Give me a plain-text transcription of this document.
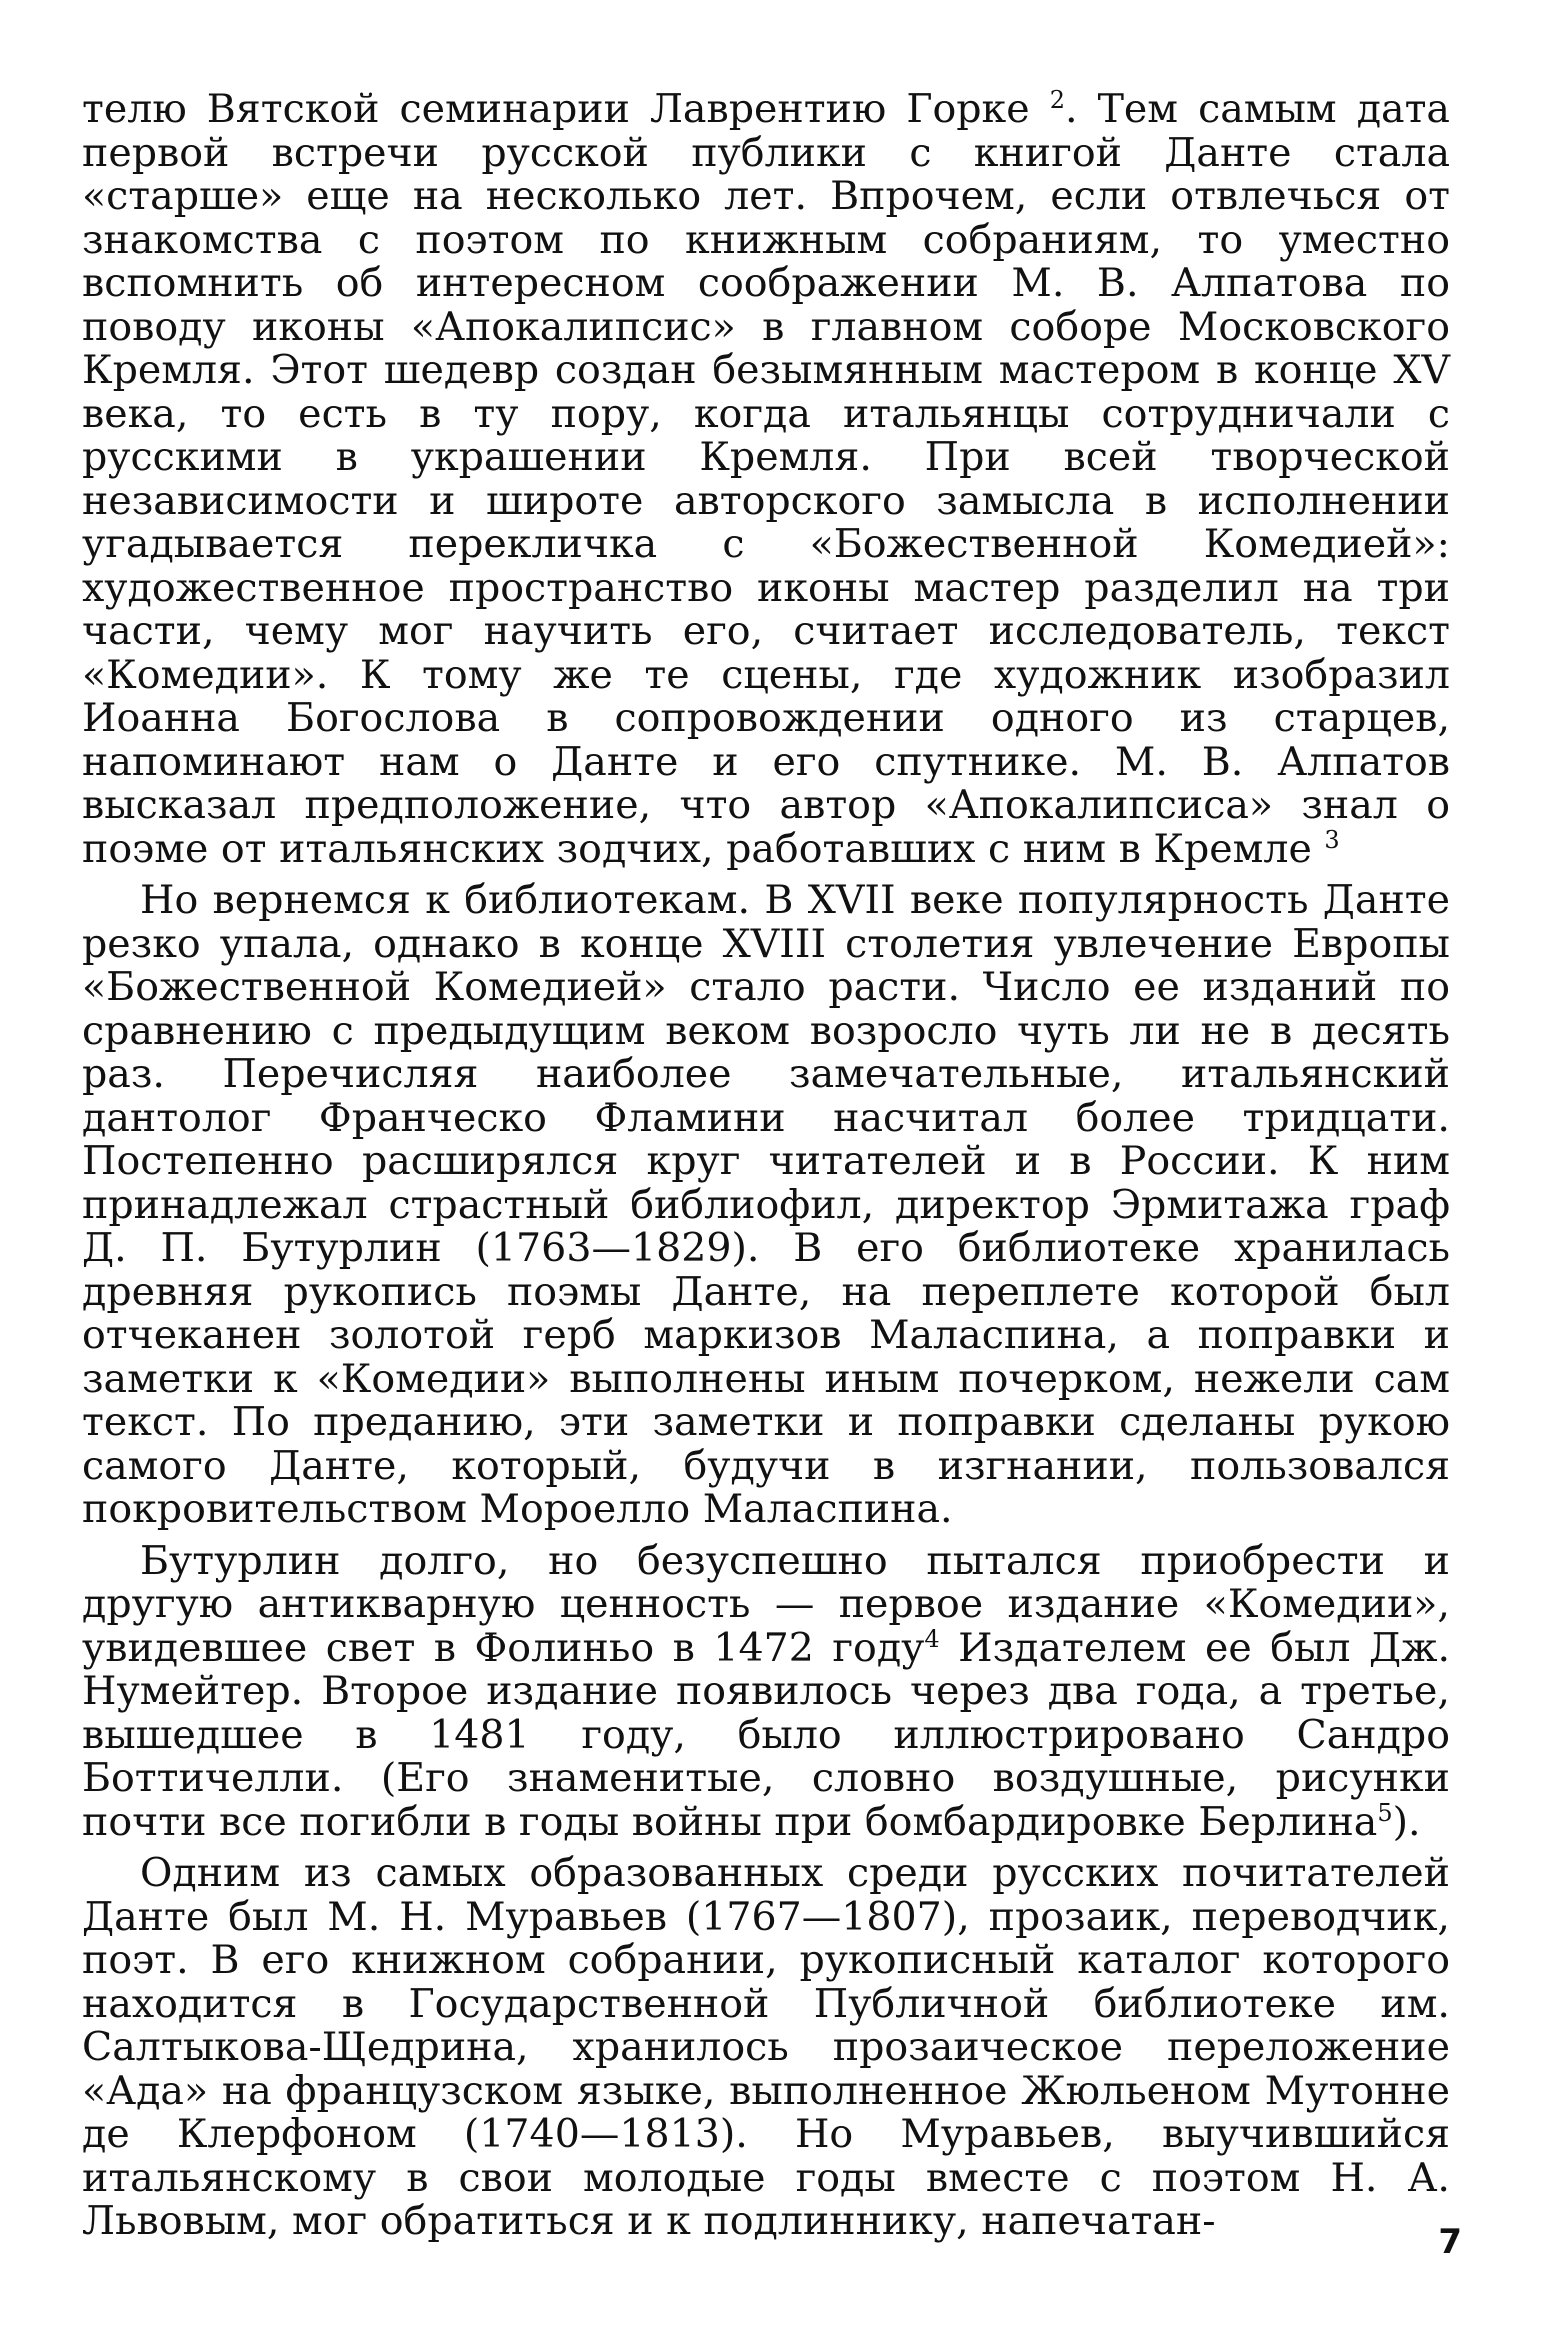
телю Вятской семинарии Лаврентию Горке $^2$. Тем самым дата первой встречи русской публики с книгой Данте стала «старше» еще на несколько лет. Впрочем, если отвлечься от знакомства с поэтом по книжным собраниям, то уместно вспомнить об интересном соображении М. В. Алпатова по поводу иконы «Апокалипсис» в главном соборе Московского Кремля. Этот шедевр создан безымянным мастером в конце XV века, то есть в ту пору, когда итальянцы сотрудничали с русскими в украшении Кремля. При всей творческой независимости и широте авторского замысла в исполнении угадывается перекличка с «Божественной Комедией»: художественное пространство иконы мастер разделил на три части, чему мог научить его, считает исследователь, текст «Комедии». К тому же те сцены, где художник изобразил Иоанна Богослова в сопровождении одного из старцев, напоминают нам о Данте и его спутнике. М. В. Алпатов высказал предположение, что автор «Апокалипсиса» знал о поэме от итальянских зодчих, работавших с ним в Кремле $^3$

Но вернемся к библиотекам. В XVII веке популярность Данте резко упала, однако в конце XVIII столетия увлечение Европы «Божественной Комедией» стало расти. Число ее изданий по сравнению с предыдущим веком возросло чуть ли не в десять раз. Перечисляя наиболее замечательные, итальянский дантолог Франческо Фламини насчитал более тридцати. Постепенно расширялся круг читателей и в России. К ним принадлежал страстный библиофил, директор Эрмитажа граф Д. П. Бутурлин (1763—1829). В его библиотеке хранилась древняя рукопись поэмы Данте, на переплете которой был отчеканен золотой герб маркизов Маласпина, а поправки и заметки к «Комедии» выполнены иным почерком, нежели сам текст. По преданию, эти заметки и поправки сделаны рукою самого Данте, который, будучи в изгнании, пользовался покровительством Мороелло Маласпина.

Бутурлин долго, но безуспешно пытался приобрести и другую антикварную ценность — первое издание «Комедии», увидевшее свет в Фолиньо в 1472 году$^4$ Издателем ее был Дж. Нумейтер. Второе издание появилось через два года, а третье, вышедшее в 1481 году, было иллюстрировано Сандро Боттичелли. (Его знаменитые, словно воздушные, рисунки почти все погибли в годы войны при бомбардировке Берлина$^5$).

Одним из самых образованных среди русских почитателей Данте был М. Н. Муравьев (1767—1807), прозаик, переводчик, поэт. В его книжном собрании, рукописный каталог которого находится в Государственной Публичной библиотеке им. Салтыкова-Щедрина, хранилось прозаическое переложение «Ада» на французском языке, выполненное Жюльеном Мутонне де Клерфоном (1740—1813). Но Муравьев, выучившийся итальянскому в свои молодые годы вместе с поэтом Н. А. Львовым, мог обратиться и к подлиннику, напечатан-	7
